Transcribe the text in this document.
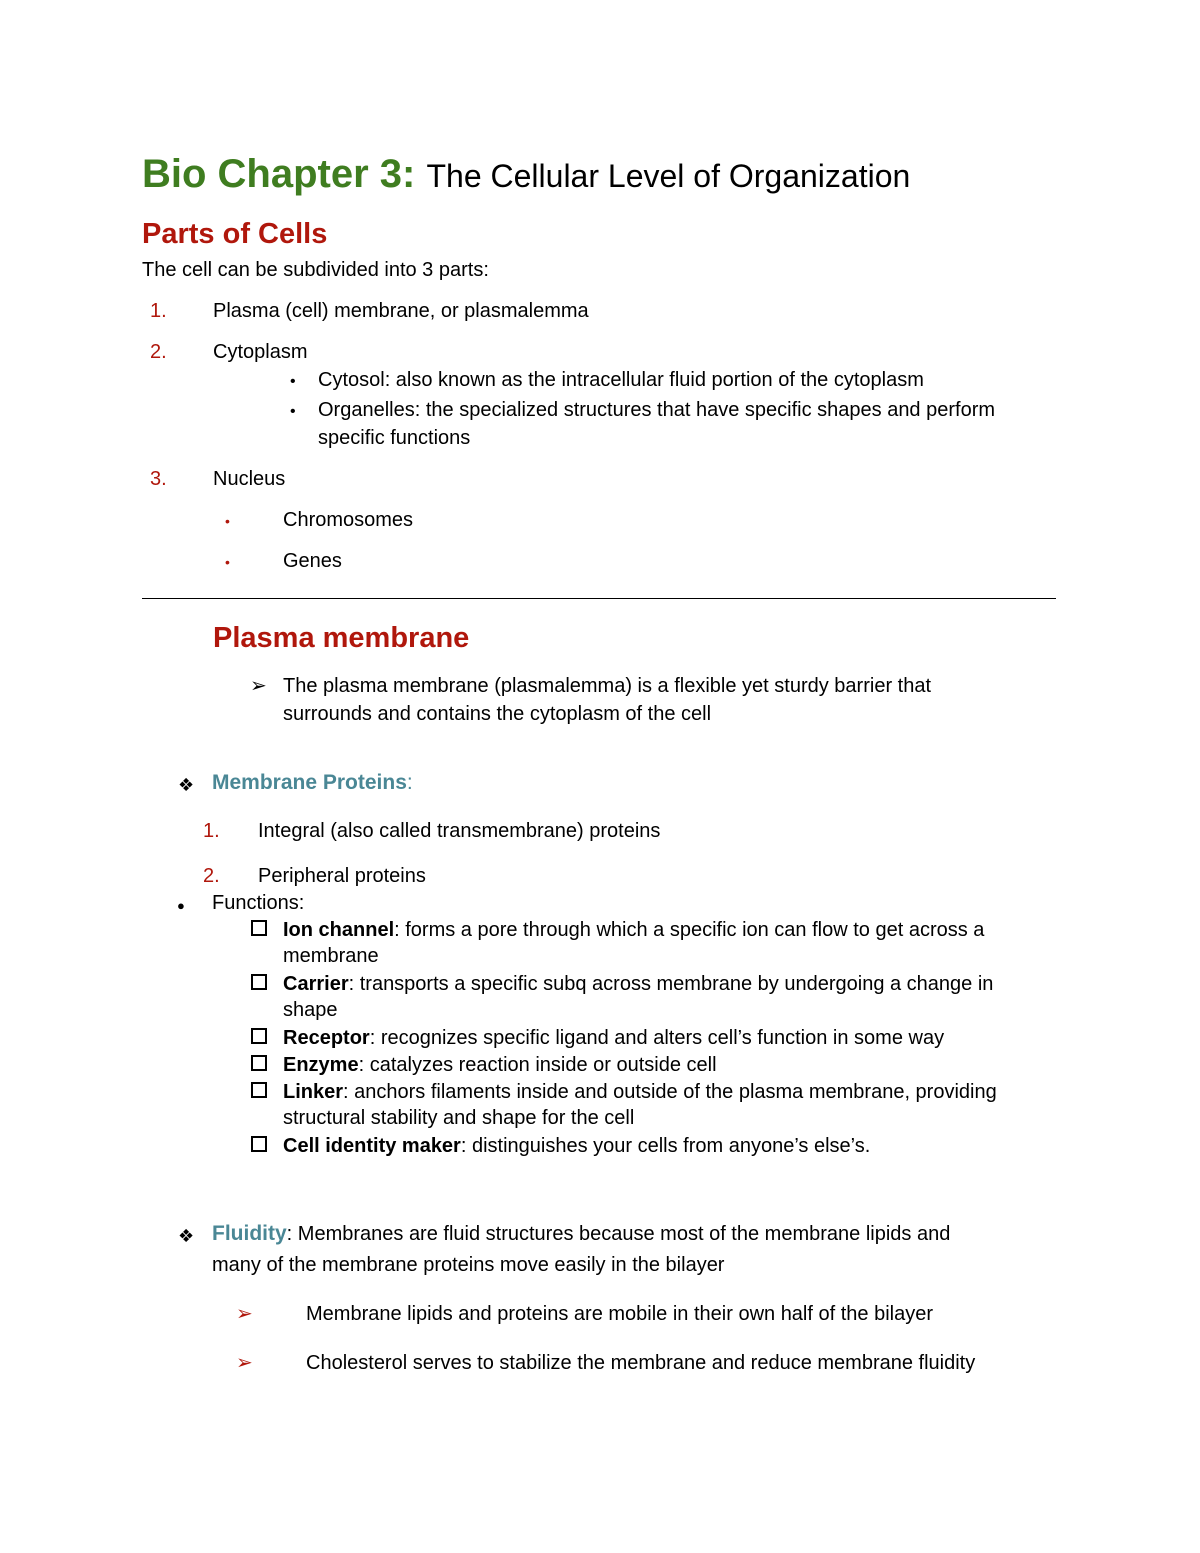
Bio Chapter 3: The Cellular Level of Organization
Parts of Cells
The cell can be subdivided into 3 parts:
1. Plasma (cell) membrane, or plasmalemma
2. Cytoplasm
• Cytosol: also known as the intracellular fluid portion of the cytoplasm
• Organelles: the specialized structures that have specific shapes and perform
specific functions
3. Nucleus
•	Chromosomes
•	Genes
Plasma membrane
➢ The plasma membrane (plasmalemma) is a flexible yet sturdy barrier that
surrounds and contains the cytoplasm of the cell
❖ Membrane Proteins:
1. Integral (also called transmembrane) proteins
2. Peripheral proteins
● Functions:
Ion channel: forms a pore through which a specific ion can flow to get across a
membrane
Carrier: transports a specific subq across membrane by undergoing a change in
shape
Receptor: recognizes specific ligand and alters cell’s function in some way
Enzyme: catalyzes reaction inside or outside cell
Linker: anchors filaments inside and outside of the plasma membrane, providing
structural stability and shape for the cell
Cell identity maker: distinguishes your cells from anyone’s else’s.
❖ Fluidity: Membranes are fluid structures because most of the membrane lipids and
many of the membrane proteins move easily in the bilayer
➢	Membrane lipids and proteins are mobile in their own half of the bilayer
➢	Cholesterol serves to stabilize the membrane and reduce membrane fluidity
